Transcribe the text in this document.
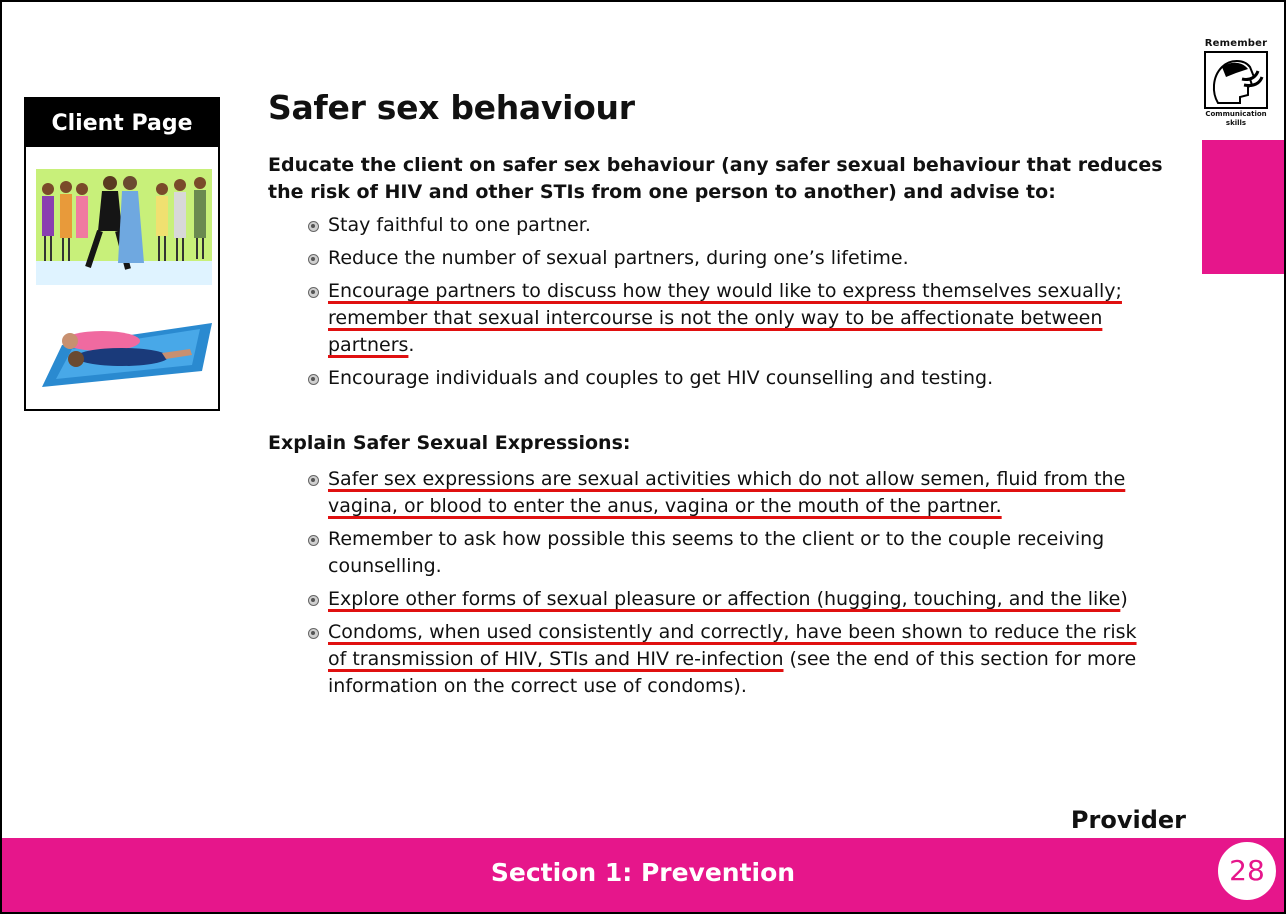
Client Page
Remember
Communication skills
Safer sex behaviour

Educate the client on safer sex behaviour (any safer sexual behaviour that reduces the risk of HIV and other STIs from one person to another) and advise to:

Stay faithful to one partner.
Reduce the number of sexual partners, during one’s lifetime.
Encourage partners to discuss how they would like to express themselves sexually; remember that sexual intercourse is not the only way to be affectionate between partners.
Encourage individuals and couples to get HIV counselling and testing.

Explain Safer Sexual Expressions:

Safer sex expressions are sexual activities which do not allow semen, fluid from the vagina, or blood to enter the anus, vagina or the mouth of the partner.
Remember to ask how possible this seems to the client or to the couple receiving counselling.
Explore other forms of sexual pleasure or affection (hugging, touching, and the like)
Condoms, when used consistently and correctly, have been shown to reduce the risk of transmission of HIV, STIs and HIV re-infection (see the end of this section for more information on the correct use of condoms).
Provider
Section 1: Prevention	28
